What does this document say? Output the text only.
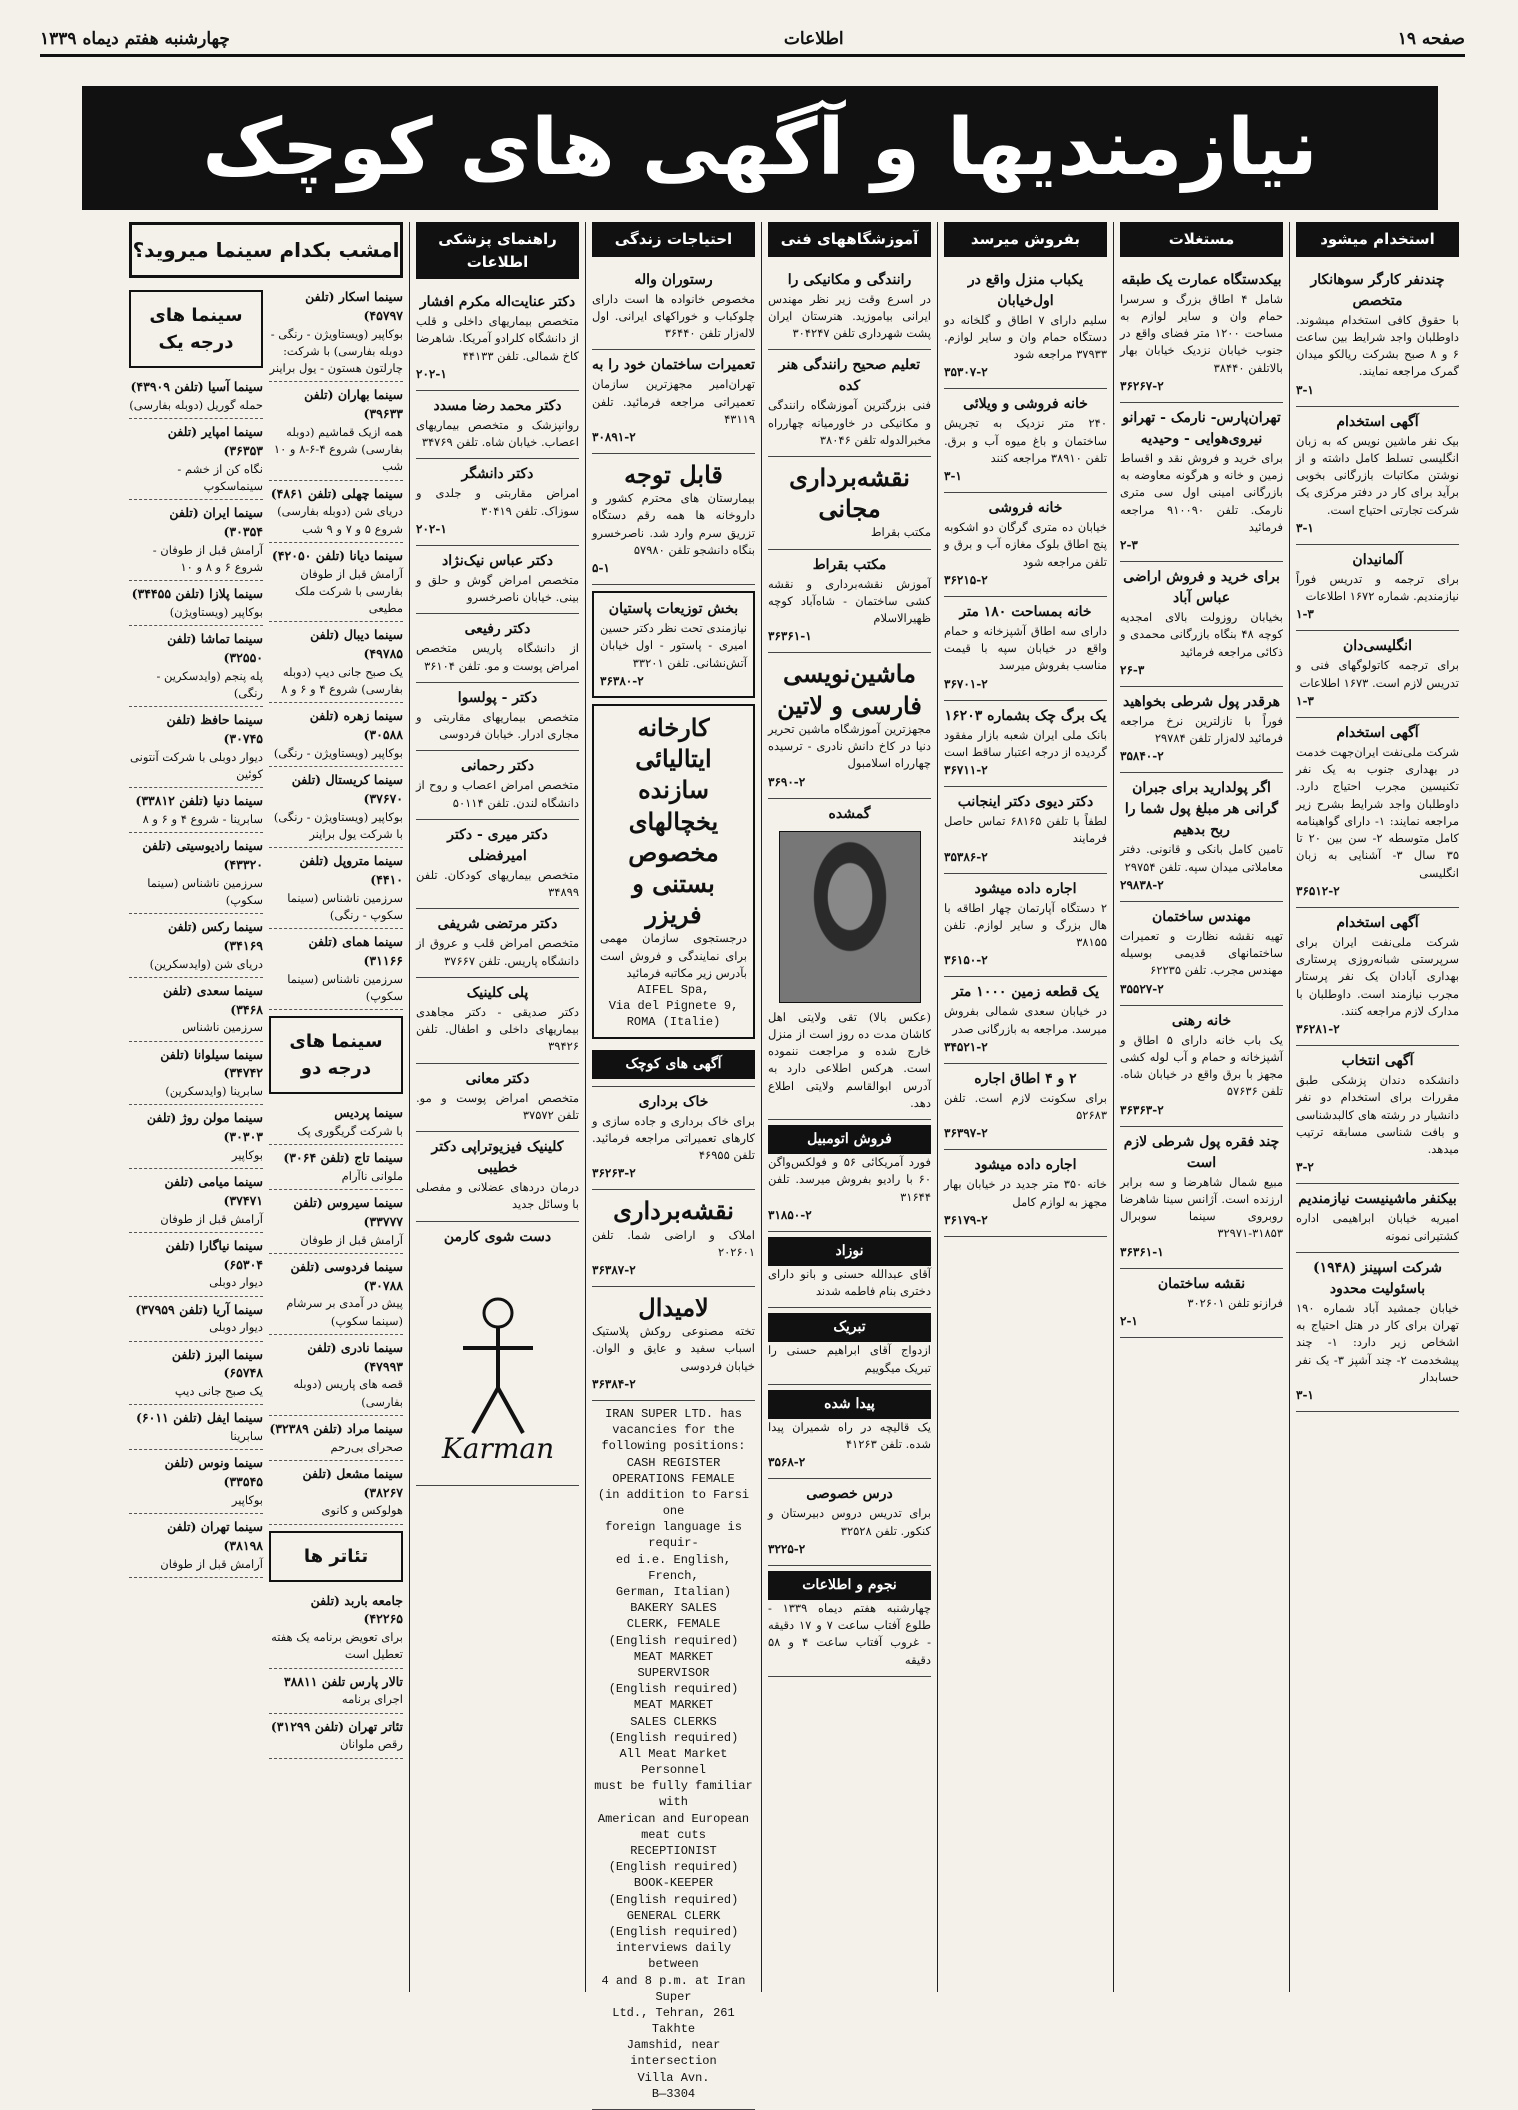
صفحه ۱۹
اطلاعات
چهارشنبه هفتم دیماه ۱۳۳۹
نیازمندیها و آگهی های کوچک
استخدام میشود
چندنفر کارگر سوهانکار متخصص
با حقوق کافی استخدام میشوند. داوطلبان واجد شرایط بین ساعت ۶ و ۸ صبح بشرکت ریالکو میدان گمرک مراجعه نمایند.
۳-۱
آگهی استخدام
بیک نفر ماشین نویس که به زبان انگلیسی تسلط کامل داشته و از نوشتن مکاتبات بازرگانی بخوبی برآید برای کار در دفتر مرکزی یک شرکت تجارتی احتیاج است.
۳-۱
آلمانیدان
برای ترجمه و تدریس فوراً نیازمندیم. شماره ۱۶۷۲ اطلاعات
۱-۳
انگلیسی‌دان
برای ترجمه کاتولوگهای فنی و تدریس لازم است. ۱۶۷۳ اطلاعات
۱-۳
آگهی استخدام
شرکت ملی‌نفت ایران‌جهت خدمت در بهداری جنوب به یک نفر تکنیسین مجرب احتیاج دارد. داوطلبان واجد شرایط بشرح زیر مراجعه نمایند: ۱- دارای گواهینامه کامل متوسطه ۲- سن بین ۲۰ تا ۳۵ سال ۳- آشنایی به زبان انگلیسی
۳۶۵۱۲-۲
آگهی استخدام
شرکت ملی‌نفت ایران برای سرپرستی شبانه‌روزی پرستاری بهداری آبادان یک نفر پرستار مجرب نیازمند است. داوطلبان با مدارک لازم مراجعه کنند.
۳۶۲۸۱-۲
آگهی انتخاب
دانشکده دندان پزشکی طبق مقررات برای استخدام دو نفر دانشیار در رشته های کالبدشناسی و بافت شناسی مسابقه ترتیب میدهد.
۳-۲
بیکنفر ماشینیست نیازمندیم
امیریه خیابان ابراهیمی اداره کشتیرانی نمونه
شرکت اسپینز (۱۹۴۸) باسئولیت محدود
خیابان جمشید آباد شماره ۱۹۰ تهران برای کار در هتل احتیاج به اشخاص زیر دارد: ۱- چند پیشخدمت ۲- چند آشپز ۳- یک نفر حسابدار
۳-۱
مستغلات
بیکدستگاه عمارت یک طبقه
شامل ۴ اطاق بزرگ و سرسرا حمام وان و سایر لوازم به مساحت ۱۲۰۰ متر فضای واقع در جنوب خیابان نزدیک خیابان بهار بالاتلفن ۳۸۴۴۰
۳۶۲۶۷-۲
تهران‌پارس- نارمک - تهرانو نیروی‌هوایی - وحیدیه
برای خرید و فروش نقد و اقساط زمین و خانه و هرگونه معاوضه به بازرگانی امینی اول سی متری نارمک. تلفن ۹۱۰۰۹۰ مراجعه فرمائید
۲-۳
برای خرید و فروش اراضی عباس آباد
بخیابان روزولت بالای امجدیه کوچه ۴۸ بنگاه بازرگانی محمدی و ذکائی مراجعه فرمائید
۲۶-۳
هرقدر پول شرطی بخواهید
فوراً با نازلترین نرخ مراجعه فرمائید لاله‌زار تلفن ۲۹۷۸۴
۳۵۸۴۰-۲
اگر پولدارید برای جبران گرانی هر مبلغ پول شما را ربح بدهیم
تامین کامل بانکی و قانونی. دفتر معاملاتی میدان سپه. تلفن ۲۹۷۵۴
۲۹۸۳۸-۲
مهندس ساختمان
تهیه نقشه نظارت و تعمیرات ساختمانهای قدیمی بوسیله مهندس مجرب. تلفن ۶۲۲۳۵
۳۵۵۲۷-۲
خانه رهنی
یک باب خانه دارای ۵ اطاق و آشپزخانه و حمام و آب لوله کشی مجهز با برق واقع در خیابان شاه. تلفن ۵۷۶۳۶
۳۶۳۶۳-۲
چند فقره پول شرطی لازم است
مبیع شمال شاهرضا و سه برابر ارزنده است. آژانس سینا شاهرضا روبروی سینما سوبرال ۳۱۸۵۳-۳۲۹۷۱
۳۶۳۶۱-۱
نقشه ساختمان
فرازنو تلفن ۳۰۲۶۰۱
۲-۱
بفروش میرسد
یکباب منزل واقع در اول‌خیابان
سلیم دارای ۷ اطاق و گلخانه دو دستگاه حمام وان و سایر لوازم. ۳۷۹۳۳ مراجعه شود
۳۵۳۰۷-۲
خانه فروشی و ویلائی
۲۴۰ متر نزدیک به تجریش ساختمان و باغ میوه آب و برق. تلفن ۳۸۹۱۰ مراجعه کنند
۳-۱
خانه فروشی
خیابان ده متری گرگان دو اشکوبه پنج اطاق بلوک مغازه آب و برق و تلفن مراجعه شود
۳۶۲۱۵-۲
خانه بمساحت ۱۸۰ متر
دارای سه اطاق آشپزخانه و حمام واقع در خیابان سپه با قیمت مناسب بفروش میرسد
۳۶۷۰۱-۲
یک برگ چک بشماره ۱۶۲۰۳
بانک ملی ایران شعبه بازار مفقود گردیده از درجه اعتبار ساقط است
۳۶۷۱۱-۲
دکتر دیوی دکتر اینجانب
لطفاً با تلفن ۶۸۱۶۵ تماس حاصل فرمایند
۳۵۳۸۶-۲
اجاره داده میشود
۲ دستگاه آپارتمان چهار اطاقه با هال بزرگ و سایر لوازم. تلفن ۳۸۱۵۵
۳۶۱۵۰-۲
یک قطعه زمین ۱۰۰۰ متر
در خیابان سعدی شمالی بفروش میرسد. مراجعه به بازرگانی صدر
۳۴۵۲۱-۲
۲ و ۴ اطاق اجاره
برای سکونت لازم است. تلفن ۵۲۶۸۳
۳۶۳۹۷-۲
اجاره داده میشود
خانه ۳۵۰ متر جدید در خیابان بهار مجهز به لوازم کامل
۳۶۱۷۹-۲
آموزشگاههای فنی
رانندگی و مکانیکی را
در اسرع وقت زیر نظر مهندس ایرانی بیاموزید. هنرستان ایران پشت شهرداری تلفن ۳۰۴۲۴۷
تعلیم صحیح رانندگی هنر کده
فنی بزرگترین آموزشگاه رانندگی و مکانیکی در خاورمیانه چهارراه مخبرالدوله تلفن ۳۸۰۴۶
نقشه‌برداری مجانی
مکتب بقراط
مکتب بقراط
آموزش نقشه‌برداری و نقشه کشی ساختمان - شاه‌آباد کوچه ظهیرالاسلام
۳۶۳۶۱-۱
ماشین‌نویسی فارسی و لاتین
مجهزترین آموزشگاه ماشین تحریر دنیا در کاخ دانش نادری - ترسیده چهارراه اسلامبول
۳۶۹۰-۲
گمشده
(عکس بالا) تقی ولایتی اهل کاشان مدت ده روز است از منزل خارج شده و مراجعت ننموده است. هرکس اطلاعی دارد به آدرس ابوالقاسم ولایتی اطلاع دهد.
فروش اتومبیل
فورد آمریکائی ۵۶ و فولکس‌واگن ۶۰ با رادیو بفروش میرسد. تلفن ۳۱۶۴۴
۳۱۸۵۰-۲
نوزاد
آقای عبدالله حسنی و بانو دارای دختری بنام فاطمه شدند
تبریک
ازدواج آقای ابراهیم حسنی را تبریک میگوییم
پیدا شده
یک قالیچه در راه شمیران پیدا شده. تلفن ۴۱۲۶۳
۳۵۶۸-۲
درس خصوصی
برای تدریس دروس دبیرستان و کنکور. تلفن ۳۲۵۲۸
۳۲۲۵-۲
نجوم و اطلاعات
چهارشنبه هفتم دیماه ۱۳۳۹ - طلوع آفتاب ساعت ۷ و ۱۷ دقیقه - غروب آفتاب ساعت ۴ و ۵۸ دقیقه
احتیاجات زندگی
رستوران واله
مخصوص خانواده ها است دارای چلوکباب و خوراکهای ایرانی. اول لاله‌زار تلفن ۳۶۴۴۰
تعمیرات ساختمان خود را به
تهران‌امیر مجهزترین سازمان تعمیراتی مراجعه فرمائید. تلفن ۴۳۱۱۹
۳۰۸۹۱-۲
قابل توجه
بیمارستان های محترم کشور و داروخانه ها همه رقم دستگاه تزریق سرم وارد شد. ناصرخسرو بنگاه دانشجو تلفن ۵۷۹۸۰
۵-۱
بخش توزیعات پاستیان
نیازمندی تحت نظر دکتر حسین امیری - پاستور - اول خیابان آتش‌نشانی. تلفن ۳۳۲۰۱
۳۶۳۸۰-۲
کارخانه ایتالیائی سازنده یخچالهای مخصوص بستنی و فریزر
درجستجوی سازمان مهمی برای نمایندگی و فروش است بآدرس زیر مکاتبه فرمائید
AIFEL Spa,
Via del Pignete 9,
ROMA (Italie)
آگهی های کوچک
خاک برداری
برای خاک برداری و جاده سازی و کارهای تعمیراتی مراجعه فرمائید. تلفن ۴۶۹۵۵
۳۶۲۶۳-۲
نقشه‌برداری
املاک و اراضی شما. تلفن ۲۰۲۶۰۱
۳۶۳۸۷-۲
لامیدال
تخته مصنوعی روکش پلاستیک اسباب سفید و عایق و الوان. خیابان فردوسی
۳۶۳۸۴-۲
IRAN SUPER LTD. has
vacancies for the
following positions:
CASH REGISTER
OPERATIONS FEMALE
(in addition to Farsi one
foreign language is requir-
ed i.e. English, French,
German, Italian)
BAKERY SALES
CLERK, FEMALE
(English required)
MEAT MARKET
SUPERVISOR
(English required)
MEAT MARKET
SALES CLERKS
(English required)
All Meat Market Personnel
must be fully familiar with
American and European
meat cuts
RECEPTIONIST
(English required)
BOOK-KEEPER
(English required)
GENERAL CLERK
(English required)
interviews daily between
4 and 8 p.m. at Iran Super
Ltd., Tehran, 261 Takhte
Jamshid, near intersection
Villa Avn.
B—3304
راهنمای پزشکی اطلاعات
دکتر عنایت‌اله مکرم افشار
متخصص بیماریهای داخلی و قلب از دانشگاه کلرادو آمریکا. شاهرضا کاخ شمالی. تلفن ۴۴۱۳۳
۲۰۲-۱
دکتر محمد رضا مسدد
روانپزشک و متخصص بیماریهای اعصاب. خیابان شاه. تلفن ۳۴۷۶۹
دکتر دانشگر
امراض مقاربتی و جلدی و سوزاک. تلفن ۳۰۴۱۹
۲۰۲-۱
دکتر عباس نیک‌نژاد
متخصص امراض گوش و حلق و بینی. خیابان ناصرخسرو
دکتر رفیعی
از دانشگاه پاریس متخصص امراض پوست و مو. تلفن ۳۶۱۰۴
دکتر - پولسوا
متخصص بیماریهای مقاربتی و مجاری ادرار. خیابان فردوسی
دکتر رحمانی
متخصص امراض اعصاب و روح از دانشگاه لندن. تلفن ۵۰۱۱۴
دکتر میری - دکتر امیرفضلی
متخصص بیماریهای کودکان. تلفن ۳۴۸۹۹
دکتر مرتضی شریفی
متخصص امراض قلب و عروق از دانشگاه پاریس. تلفن ۳۷۶۶۷
پلی کلینیک
دکتر صدیقی - دکتر مجاهدی بیماریهای داخلی و اطفال. تلفن ۳۹۴۲۶
دکتر معانی
متخصص امراض پوست و مو. تلفن ۳۷۵۷۲
کلینیک فیزیوتراپی دکتر خطیبی
درمان دردهای عضلانی و مفصلی با وسائل جدید
دست شوی کارمن
Karman
امشب بکدام سینما میروید؟
سینما های درجه یک
سینما آسیا (تلفن ۴۳۹۰۹)
حمله گوریل (دوبله بفارسی)
سینما امپایر (تلفن ۳۶۳۵۳)
نگاه کن از خشم - سینماسکوپ
سینما ایران (تلفن ۳۰۳۵۴)
آرامش قبل از طوفان - شروع ۶ و ۸ و ۱۰
سینما پلازا (تلفن ۳۴۴۵۵)
بوکاپیر (ویستاویژن)
سینما تماشا (تلفن ۳۲۵۵۰)
پله پنجم (وایدسکرین - رنگی)
سینما حافظ (تلفن ۳۰۷۴۵)
دیوار دوبلی با شرکت آنتونی کوئین
سینما دنیا (تلفن ۳۳۸۱۲)
سابرینا - شروع ۴ و ۶ و ۸
سینما رادیوسیتی (تلفن ۴۳۳۲۰)
سرزمین ناشناس (سینما سکوپ)
سینما رکس (تلفن ۳۴۱۶۹)
دریای شن (وایدسکرین)
سینما سعدی (تلفن ۳۴۶۸)
سرزمین ناشناس
سینما سیلوانا (تلفن ۳۴۷۴۲)
سابرینا (وایدسکرین)
سینما مولن روژ (تلفن ۳۰۳۰۳)
بوکاپیر
سینما میامی (تلفن ۳۷۴۷۱)
آرامش قبل از طوفان
سینما نیاگارا (تلفن ۶۵۳۰۴)
دیوار دوبلی
سینما آریا (تلفن ۳۷۹۵۹)
دیوار دوبلی
سینما البرز (تلفن ۶۵۷۴۸)
یک صبح جانی دیپ
سینما ایفل (تلفن ۶۰۱۱)
سابرینا
سینما ونوس (تلفن ۳۳۵۴۵)
بوکاپیر
سینما تهران (تلفن ۳۸۱۹۸)
آرامش قبل از طوفان
سینما اسکار (تلفن ۴۵۷۹۷)
بوکاپیر (ویستاویژن - رنگی - دوبله بفارسی) با شرکت: چارلتون هستون - یول براینر
سینما بهاران (تلفن ۳۹۶۳۳)
همه ازیک قماشیم (دوبله بفارسی) شروع ۴-۶-۸ و ۱۰ شب
سینما چهلی (تلفن ۴۸۶۱)
دریای شن (دوبله بفارسی) شروع ۵ و ۷ و ۹ شب
سینما دیانا (تلفن ۴۲۰۵۰)
آرامش قبل از طوفان بفارسی با شرکت ملک مطیعی
سینما دیبال (تلفن ۴۹۷۸۵)
یک صبح جانی دیپ (دوبله بفارسی) شروع ۴ و ۶ و ۸
سینما زهره (تلفن ۳۰۵۸۸)
بوکاپیر (ویستاویژن - رنگی)
سینما کریستال (تلفن ۳۷۶۷۰)
بوکاپیر (ویستاویژن - رنگی) با شرکت یول براینر
سینما متروپل (تلفن ۴۴۱۰)
سرزمین ناشناس (سینما سکوپ - رنگی)
سینما همای (تلفن ۳۱۱۶۶)
سرزمین ناشناس (سینما سکوپ)
سینما های درجه دو
سینما پردیس
با شرکت گریگوری پک
سینما تاج (تلفن ۳۰۶۴)
ملوانی ناآرام
سینما سیروس (تلفن ۳۳۷۷۷)
آرامش قبل از طوفان
سینما فردوسی (تلفن ۳۰۷۸۸)
پیش در آمدی بر سرشام (سینما سکوپ)
سینما نادری (تلفن ۴۷۹۹۳)
قصه های پاریس (دوبله بفارسی)
سینما مراد (تلفن ۳۲۳۸۹)
صحرای بی‌رحم
سینما مشعل (تلفن ۳۸۲۶۷)
هولوکس و کانوی
تئاتر ها
جامعه باربد (تلفن ۴۲۲۶۵)
برای تعویض برنامه یک هفته تعطیل است
تالار پارس تلفن ۳۸۸۱۱
اجرای برنامه
تئاتر تهران (تلفن ۳۱۲۹۹)
رقص ملوانان
